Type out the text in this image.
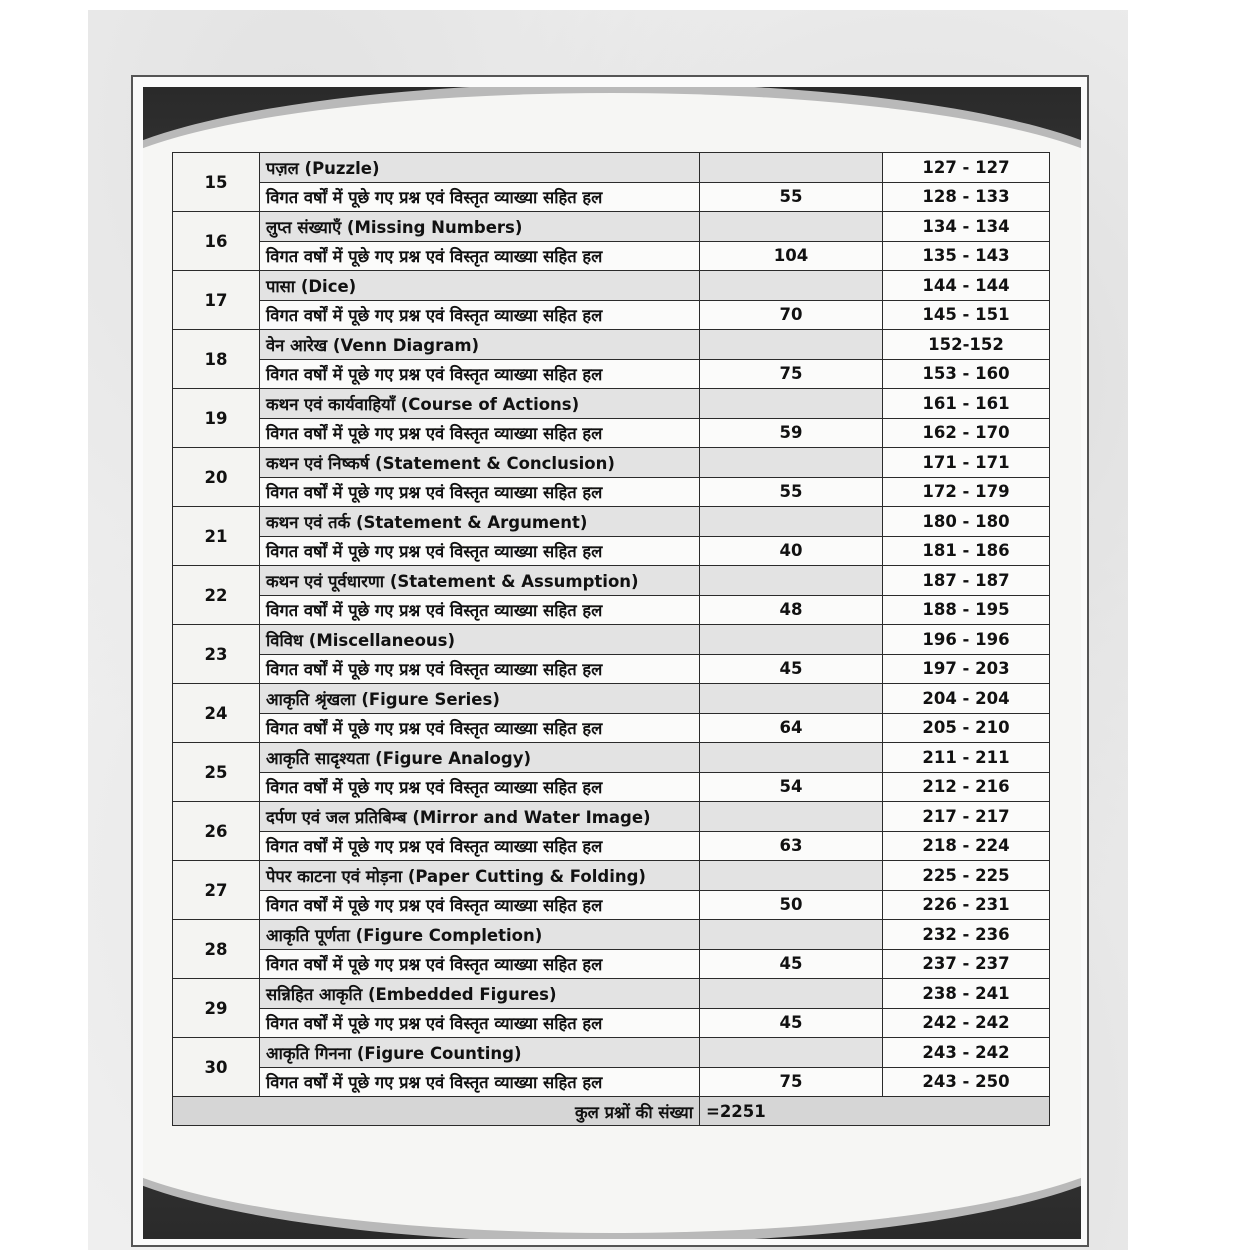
15	पज़ल (Puzzle)		127 - 127
	विगत वर्षों में पूछे गए प्रश्न एवं विस्तृत व्याख्या सहित हल	55	128 - 133
16	लुप्त संख्याएँ (Missing Numbers)		134 - 134
	विगत वर्षों में पूछे गए प्रश्न एवं विस्तृत व्याख्या सहित हल	104	135 - 143
17	पासा (Dice)		144 - 144
	विगत वर्षों में पूछे गए प्रश्न एवं विस्तृत व्याख्या सहित हल	70	145 - 151
18	वेन आरेख (Venn Diagram)		152-152
	विगत वर्षों में पूछे गए प्रश्न एवं विस्तृत व्याख्या सहित हल	75	153 - 160
19	कथन एवं कार्यवाहियाँ (Course of Actions)		161 - 161
	विगत वर्षों में पूछे गए प्रश्न एवं विस्तृत व्याख्या सहित हल	59	162 - 170
20	कथन एवं निष्कर्ष (Statement & Conclusion)		171 - 171
	विगत वर्षों में पूछे गए प्रश्न एवं विस्तृत व्याख्या सहित हल	55	172 - 179
21	कथन एवं तर्क (Statement & Argument)		180 - 180
	विगत वर्षों में पूछे गए प्रश्न एवं विस्तृत व्याख्या सहित हल	40	181 - 186
22	कथन एवं पूर्वधारणा (Statement & Assumption)		187 - 187
	विगत वर्षों में पूछे गए प्रश्न एवं विस्तृत व्याख्या सहित हल	48	188 - 195
23	विविध (Miscellaneous)		196 - 196
	विगत वर्षों में पूछे गए प्रश्न एवं विस्तृत व्याख्या सहित हल	45	197 - 203
24	आकृति श्रृंखला (Figure Series)		204 - 204
	विगत वर्षों में पूछे गए प्रश्न एवं विस्तृत व्याख्या सहित हल	64	205 - 210
25	आकृति सादृश्यता (Figure Analogy)		211 - 211
	विगत वर्षों में पूछे गए प्रश्न एवं विस्तृत व्याख्या सहित हल	54	212 - 216
26	दर्पण एवं जल प्रतिबिम्ब (Mirror and Water Image)		217 - 217
	विगत वर्षों में पूछे गए प्रश्न एवं विस्तृत व्याख्या सहित हल	63	218 - 224
27	पेपर काटना एवं मोड़ना (Paper Cutting & Folding)		225 - 225
	विगत वर्षों में पूछे गए प्रश्न एवं विस्तृत व्याख्या सहित हल	50	226 - 231
28	आकृति पूर्णता (Figure Completion)		232 - 236
	विगत वर्षों में पूछे गए प्रश्न एवं विस्तृत व्याख्या सहित हल	45	237 - 237
29	सन्निहित आकृति (Embedded Figures)		238 - 241
	विगत वर्षों में पूछे गए प्रश्न एवं विस्तृत व्याख्या सहित हल	45	242 - 242
30	आकृति गिनना (Figure Counting)		243 - 242
	विगत वर्षों में पूछे गए प्रश्न एवं विस्तृत व्याख्या सहित हल	75	243 - 250
कुल प्रश्नों की संख्या		=2251	
